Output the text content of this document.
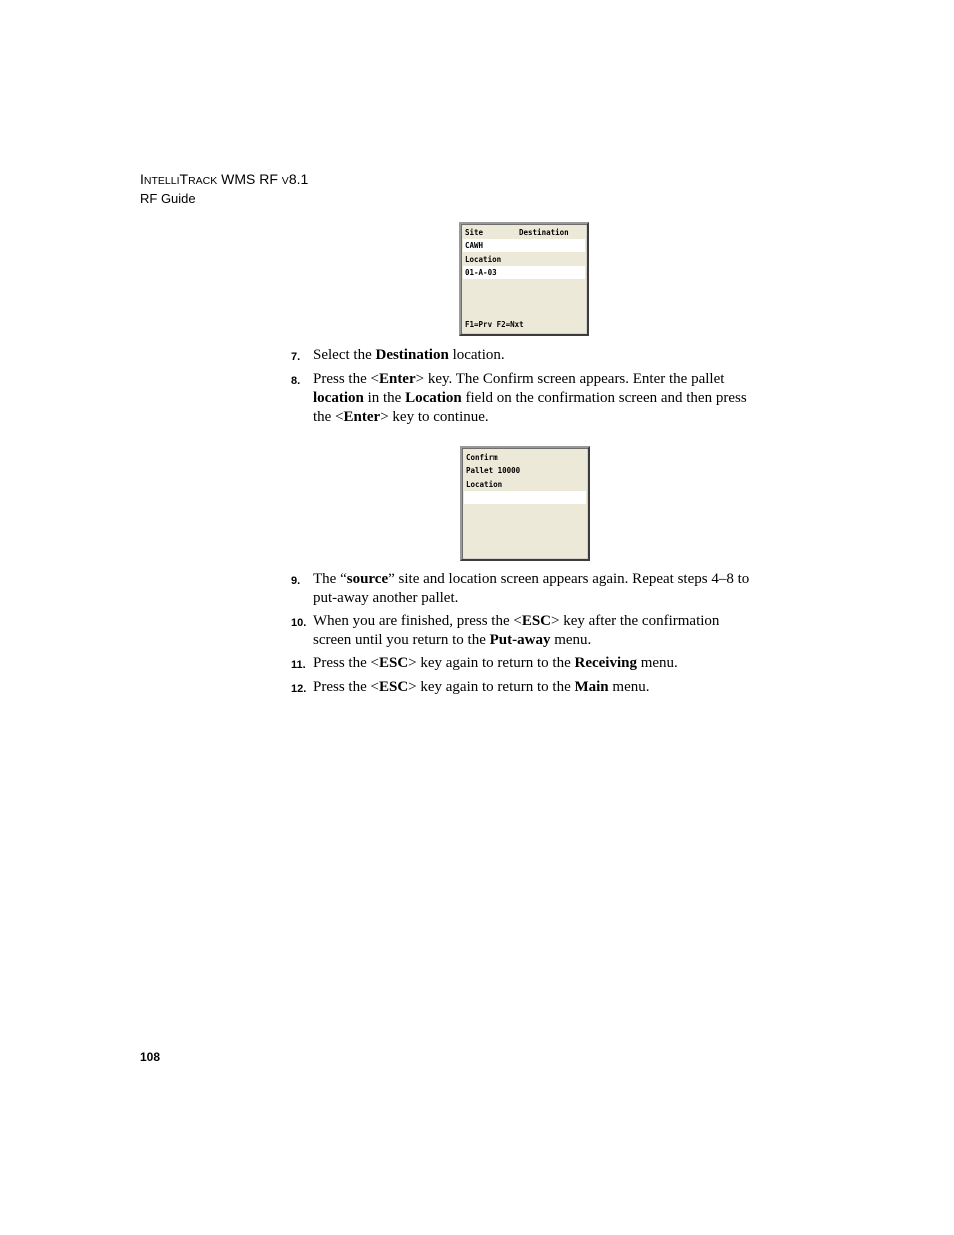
INTELLITRACK WMS RF V8.1
RF Guide
Site	Destination
CAWH
Location
01-A-03
F1=Prv F2=Nxt
Confirm
Pallet 10000
Location
7. Select the Destination location.
8. Press the <Enter> key. The Confirm screen appears. Enter the pallet location in the Location field on the confirmation screen and then press the <Enter> key to continue.
9. The “source” site and location screen appears again. Repeat steps 4–8 to put-away another pallet.
10. When you are finished, press the <ESC> key after the confirmation screen until you return to the Put-away menu.
11. Press the <ESC> key again to return to the Receiving menu.
12. Press the <ESC> key again to return to the Main menu.
108
